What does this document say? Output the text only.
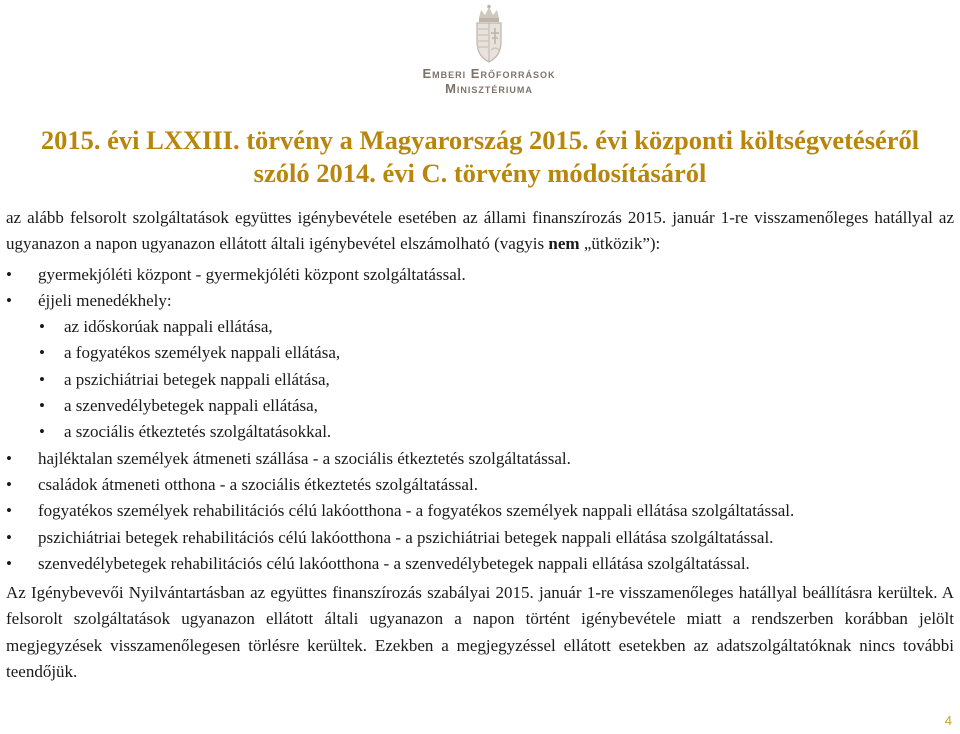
Emberi Erőforrások
Minisztériuma
2015. évi LXXIII. törvény a Magyarország 2015. évi központi költségvetéséről
szóló 2014. évi C. törvény módosításáról

az alább felsorolt szolgáltatások együttes igénybevétele esetében az állami finanszírozás 2015. január 1-re visszamenőleges hatállyal az ugyanazon a napon ugyanazon ellátott általi igénybevétel elszámolható (vagyis nem „ütközik”):

• gyermekjóléti központ - gyermekjóléti központ szolgáltatással.
• éjjeli menedékhely:
• az időskorúak nappali ellátása,
• a fogyatékos személyek nappali ellátása,
• a pszichiátriai betegek nappali ellátása,
• a szenvedélybetegek nappali ellátása,
• a szociális étkeztetés szolgáltatásokkal.
• hajléktalan személyek átmeneti szállása - a szociális étkeztetés szolgáltatással.
• családok átmeneti otthona - a szociális étkeztetés szolgáltatással.
• fogyatékos személyek rehabilitációs célú lakóotthona - a fogyatékos személyek nappali ellátása szolgáltatással.
• pszichiátriai betegek rehabilitációs célú lakóotthona - a pszichiátriai betegek nappali ellátása szolgáltatással.
• szenvedélybetegek rehabilitációs célú lakóotthona - a szenvedélybetegek nappali ellátása szolgáltatással.

Az Igénybevevői Nyilvántartásban az együttes finanszírozás szabályai 2015. január 1-re visszamenőleges hatállyal beállításra kerültek. A felsorolt szolgáltatások ugyanazon ellátott általi ugyanazon a napon történt igénybevétele miatt a rendszerben korábban jelölt megjegyzések visszamenőlegesen törlésre kerültek. Ezekben a megjegyzéssel ellátott esetekben az adatszolgáltatóknak nincs további teendőjük.

4
